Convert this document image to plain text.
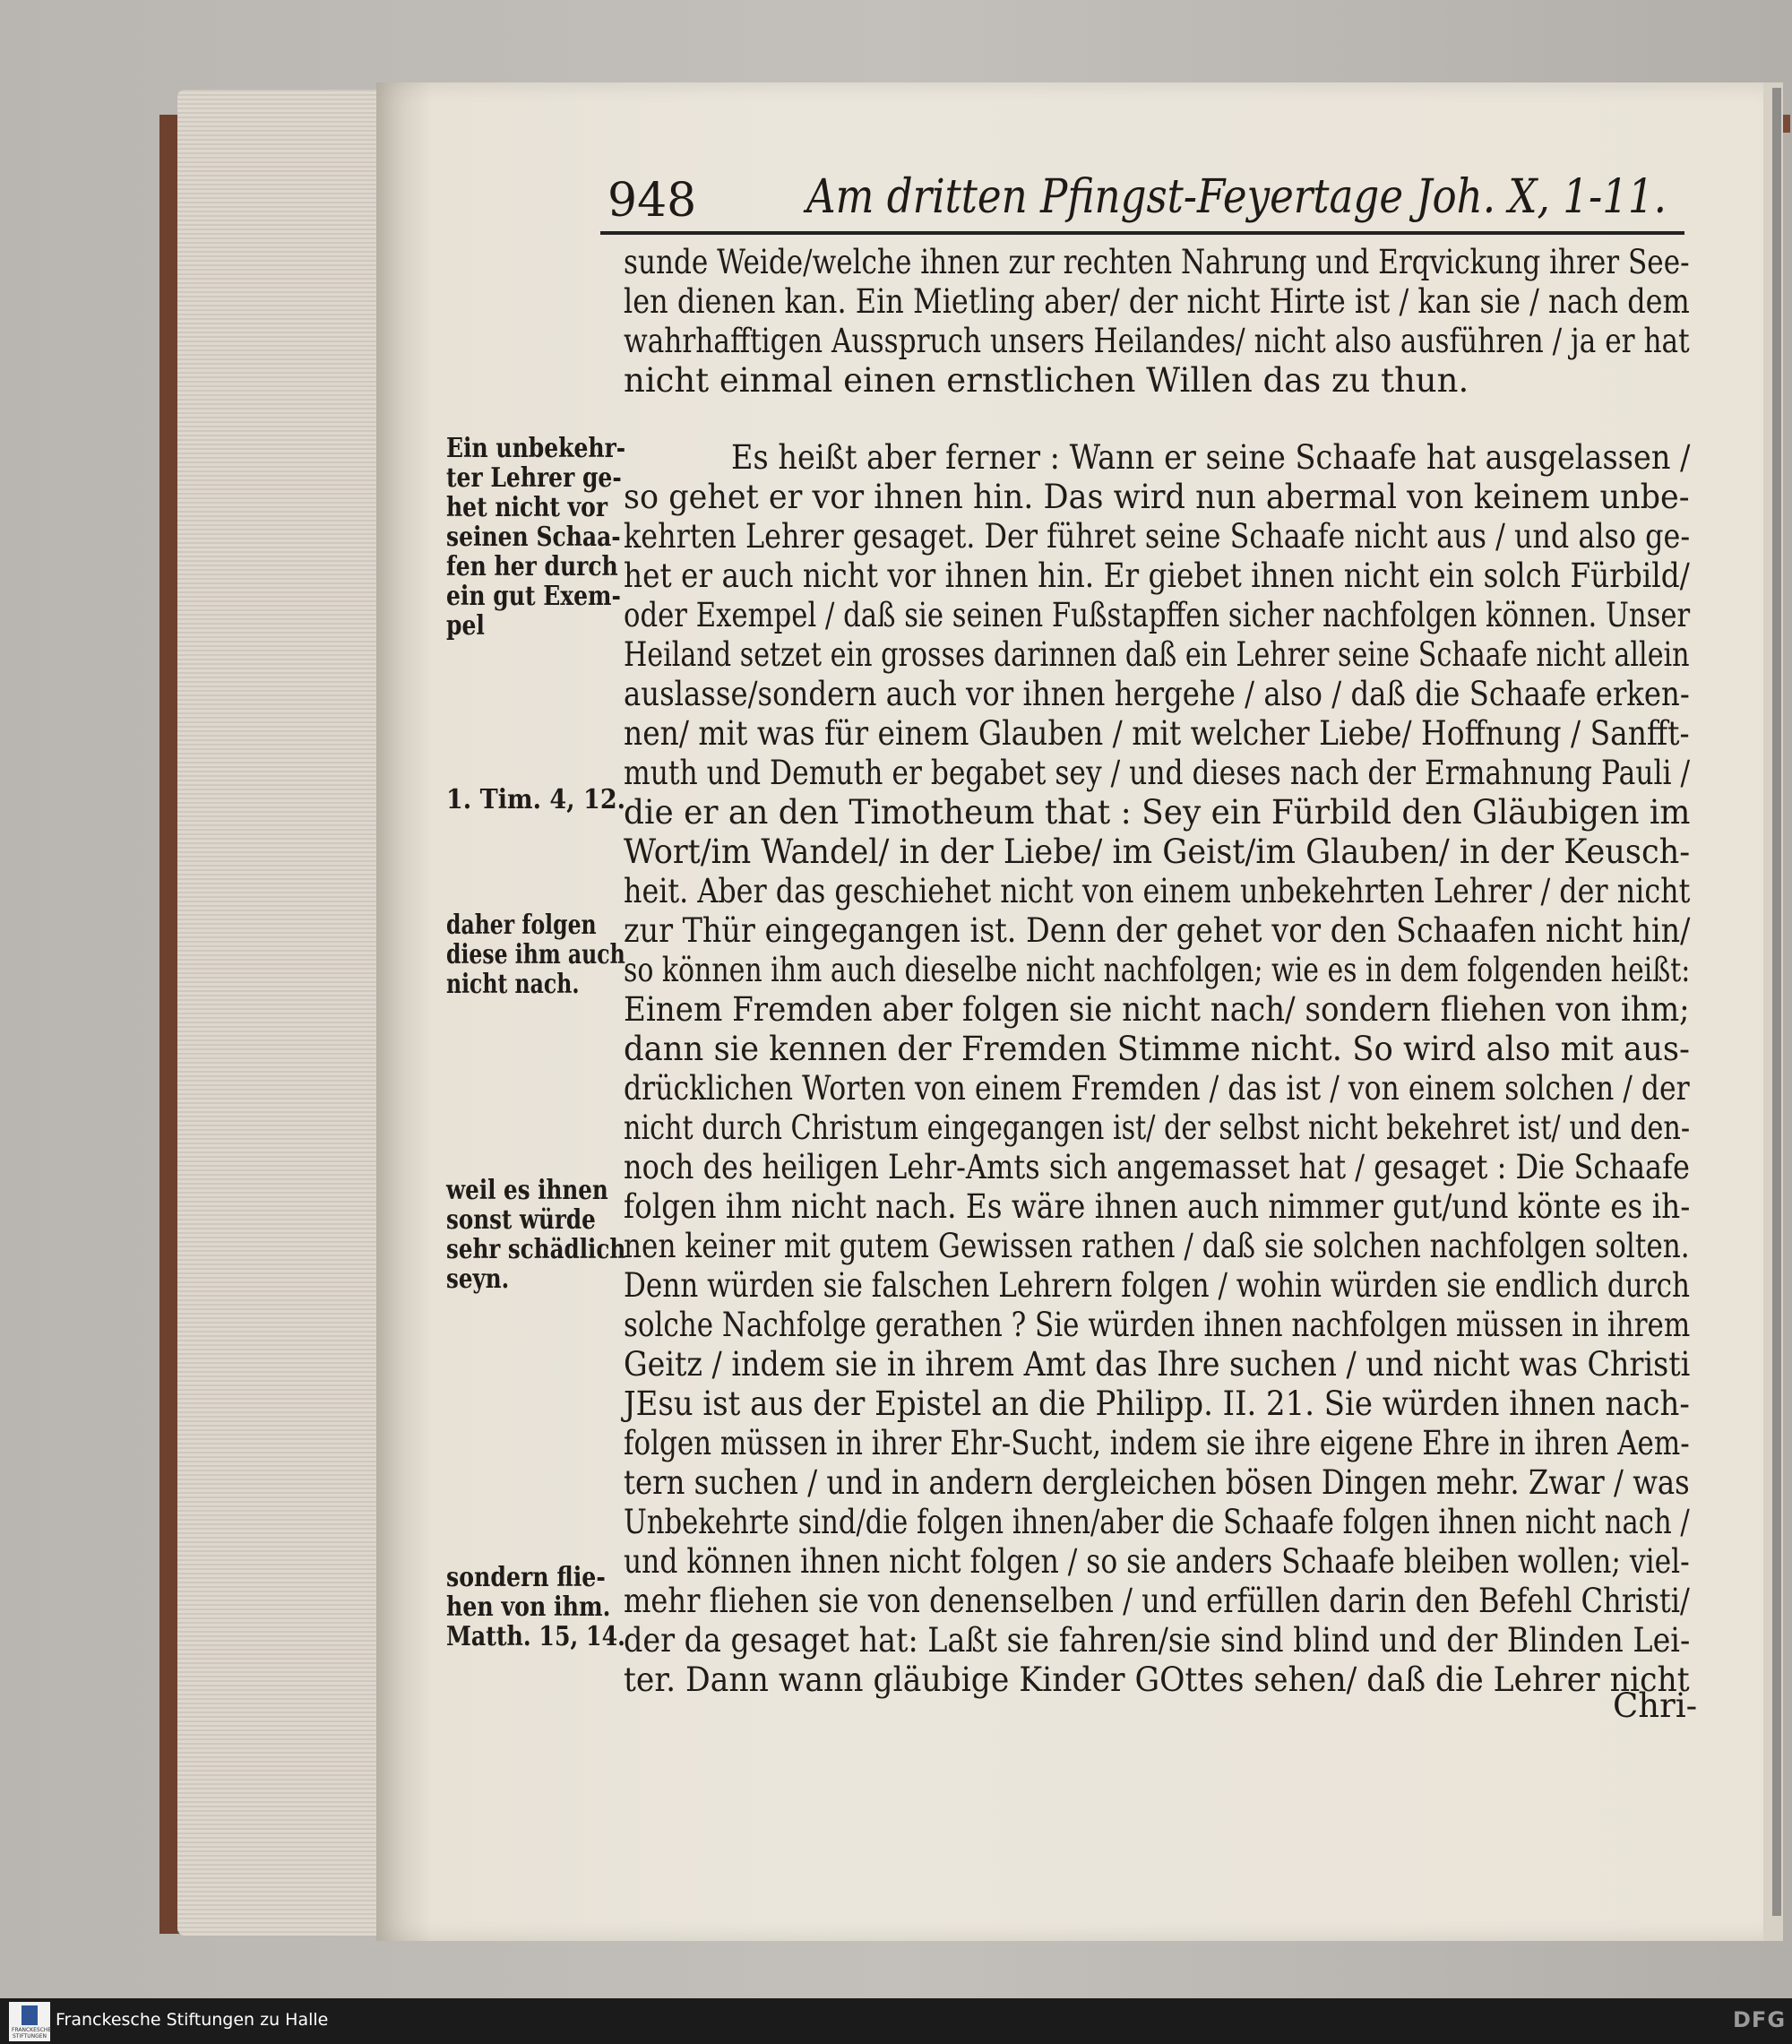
948 Am dritten Pfingst-Feyertage Joh. X, 1-11.
sunde Weide/welche ihnen zur rechten Nahrung und Erqvickung ihrer See-
len dienen kan. Ein Mietling aber/ der nicht Hirte ist / kan sie / nach dem
wahrhafftigen Ausspruch unsers Heilandes/ nicht also ausführen / ja er hat
nicht einmal einen ernstlichen Willen das zu thun.
Es heißt aber ferner : Wann er seine Schaafe hat ausgelassen /
so gehet er vor ihnen hin. Das wird nun abermal von keinem unbe-
kehrten Lehrer gesaget. Der führet seine Schaafe nicht aus / und also ge-
het er auch nicht vor ihnen hin. Er giebet ihnen nicht ein solch Fürbild/
oder Exempel / daß sie seinen Fußstapffen sicher nachfolgen können. Unser
Heiland setzet ein grosses darinnen daß ein Lehrer seine Schaafe nicht allein
auslasse/sondern auch vor ihnen hergehe / also / daß die Schaafe erken-
nen/ mit was für einem Glauben / mit welcher Liebe/ Hoffnung / Sanfft-
muth und Demuth er begabet sey / und dieses nach der Ermahnung Pauli /
die er an den Timotheum that : Sey ein Fürbild den Gläubigen im
Wort/im Wandel/ in der Liebe/ im Geist/im Glauben/ in der Keusch-
heit. Aber das geschiehet nicht von einem unbekehrten Lehrer / der nicht
zur Thür eingegangen ist. Denn der gehet vor den Schaafen nicht hin/
so können ihm auch dieselbe nicht nachfolgen; wie es in dem folgenden heißt:
Einem Fremden aber folgen sie nicht nach/ sondern fliehen von ihm;
dann sie kennen der Fremden Stimme nicht. So wird also mit aus-
drücklichen Worten von einem Fremden / das ist / von einem solchen / der
nicht durch Christum eingegangen ist/ der selbst nicht bekehret ist/ und den-
noch des heiligen Lehr-Amts sich angemasset hat / gesaget : Die Schaafe
folgen ihm nicht nach. Es wäre ihnen auch nimmer gut/und könte es ih-
nen keiner mit gutem Gewissen rathen / daß sie solchen nachfolgen solten.
Denn würden sie falschen Lehrern folgen / wohin würden sie endlich durch
solche Nachfolge gerathen ? Sie würden ihnen nachfolgen müssen in ihrem
Geitz / indem sie in ihrem Amt das Ihre suchen / und nicht was Christi
JEsu ist aus der Epistel an die Philipp. II. 21. Sie würden ihnen nach-
folgen müssen in ihrer Ehr-Sucht, indem sie ihre eigene Ehre in ihren Aem-
tern suchen / und in andern dergleichen bösen Dingen mehr. Zwar / was
Unbekehrte sind/die folgen ihnen/aber die Schaafe folgen ihnen nicht nach /
und können ihnen nicht folgen / so sie anders Schaafe bleiben wollen; viel-
mehr fliehen sie von denenselben / und erfüllen darin den Befehl Christi/
der da gesaget hat: Laßt sie fahren/sie sind blind und der Blinden Lei-
ter. Dann wann gläubige Kinder GOttes sehen/ daß die Lehrer nicht
Chri-
Ein unbekehr-
ter Lehrer ge-
het nicht vor
seinen Schaa-
fen her durch
ein gut Exem-
pel
1. Tim. 4, 12.
daher folgen
diese ihm auch
nicht nach.
weil es ihnen
sonst würde
sehr schädlich
seyn.
sondern flie-
hen von ihm.
Matth. 15, 14.
FRANCKESCHE STIFTUNGEN
Franckesche Stiftungen zu Halle	DFG
